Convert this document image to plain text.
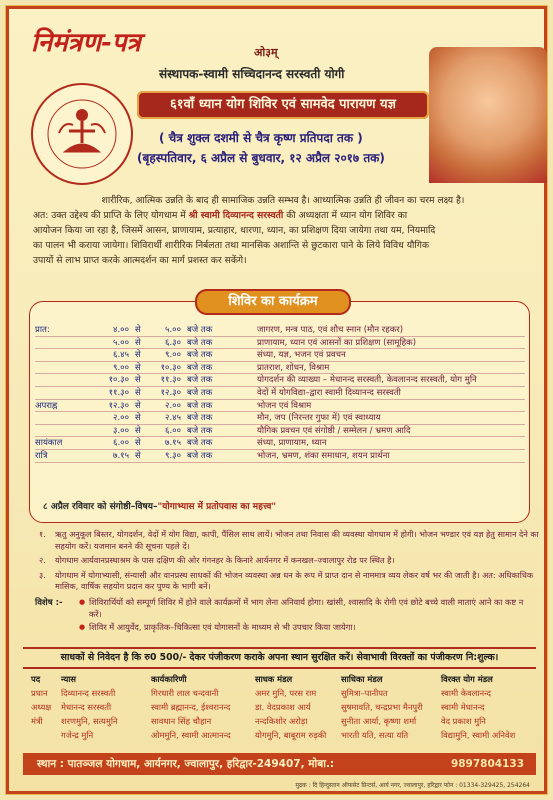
निमंत्रण-पत्र	ओ३म्
संस्थापक-स्वामी सच्चिदानन्द सरस्वती योगी
६१वाँ ध्यान योग शिविर एवं सामवेद पारायण यज्ञ
( चैत्र शुक्ल दशमी से चैत्र कृष्ण प्रतिपदा तक )
(बृहस्पतिवार, ६ अप्रैल से बुधवार, १२ अप्रैल २०१७ तक)
शारीरिक, आत्मिक उन्नति के बाद ही सामाजिक उन्नति सम्भव है। आध्यात्मिक उन्नति ही जीवन का चरम लक्ष्य है।
अत: उक्त उद्देश्य की प्राप्ति के लिए योगधाम में श्री स्वामी दिव्यानन्द सरस्वती की अध्यक्षता में ध्यान योग शिविर का
आयोजन किया जा रहा है, जिसमें आसन, प्राणायाम, प्रत्याहार, धारणा, ध्यान, का प्रशिक्षण दिया जायेगा तथा यम, नियमादि
का पालन भी कराया जायेगा। शिविरार्थी शारीरिक निर्बलता तथा मानसिक अशान्ति से छुटकारा पाने के लिये विविध यौगिक
उपायों से लाभ प्राप्त करके आत्मदर्शन का मार्ग प्रशस्त कर सकेंगे।
शिविर का कार्यक्रम
प्रात:	४.०० से	५.०० बजे तक	जागरण, मन्त्र पाठ, एवं शौच स्नान (मौन रहकर)
५.०० से	६.३० बजे तक	प्राणायाम, ध्यान एवं आसनों का प्रशिक्षण (सामूहिक)
६.४५ से	९.०० बजे तक	संध्या, यज्ञ, भजन एवं प्रवचन
९.०० से	१०.३० बजे तक	प्रातराश, शोधन, विश्राम
१०.३० से	११.३० बजे तक	योगदर्शन की व्याख्या – मेधानन्द सरस्वती, केवलानन्द सरस्वती, योग मुनि
११.३० से	१२.३० बजे तक	वेदों में योगविद्या–द्वारा स्वामी दिव्यानन्द सरस्वती
अपराह्न	१२.३० से	२.०० बजे तक	भोजन एवं विश्राम
२.०० से	२.४५ बजे तक	मौन, जप (निरन्तर गुफा में) एवं स्वाध्याय
३.०० से	६.०० बजे तक	यौगिक प्रवचन एवं संगोष्ठी / सम्मेलन / भ्रमण आदि
सायंकाल	६.०० से	७.१५ बजे तक	संध्या, प्राणायाम, ध्यान
रात्रि	७.१५ से	९.३० बजे तक	भोजन, भ्रमण, शंका समाधान, शयन प्रार्थना
८ अप्रैल रविवार को संगोष्ठी–विषय–"योगाभ्यास में प्रतोपवास का महत्त्व"
१. ऋतु अनुकूल बिस्तर, योगदर्शन, वेदों में योग विद्या, कापी, पैंसिल साथ लायें। भोजन तथा निवास की व्यवस्था योगधाम में होगी। भोजन भण्डार एवं यज्ञ हेतु सामान देने का सहयोग करें। यजमान बनने की सूचना पहले दें।
२. योगधाम आर्यवानप्रस्थाश्रम के पास दक्षिण की ओर गंगनहर के किनारे आर्यनगर में कनखल–ज्वालापुर रोड पर स्थित है।
३. योगधाम में योगाभ्यासी, संन्यासी और वानप्रस्थ साधकों की भोजन व्यवस्था अन्न धन के रूप में प्राप्त दान से नाममात्र व्यय लेकर वर्ष भर की जाती है। अत: अधिकाधिक मासिक, वार्षिक सहयोग प्रदान कर पुण्य के भागी बनें।
विशेष :-
●	शिविरार्थियों को सम्पूर्ण शिविर में होने वाले कार्यक्रमों में भाग लेना अनिवार्य होगा। खांसी, श्वासादि के रोगी एवं छोटे बच्चे वाली माताएं आने का कष्ट न करें।
● शिविर में आयुर्वेद, प्राकृतिक–चिकित्सा एवं योगासनों के माध्यम से भी उपचार किया जायेगा।
साधकों से निवेदन है कि रु0 500/- देकर पंजीकरण कराके अपना स्थान सुरक्षित करें। सेवाभावी विरक्तों का पंजीकरण नि:शुल्क।
पद
प्रधान
अध्यक्ष
मंत्री
न्यास
दिव्यानन्द सरस्वती
मेधानन्द सरस्वती
शरणमुनि, सत्यमुनि
गजेन्द्र मुनि
कार्यकारिणी
गिरधारी लाल चन्दवानी
स्वामी ब्रह्मानन्द, ईश्वरानन्द
सावधान सिंह चौहान
ओममुनि, स्वामी आत्मानन्द
साधक मंडल
अमर मुनि, परस राम
डा. वेदप्रकाश आर्य
नन्दकिशोर अरोड़ा
योगमुनि, बाबूराम रुड़की
साधिका मंडल
सुमित्रा–पानीपत
सुषमावति, चन्द्रप्रभा मैनपुरी
सुनीता आर्या, कृष्णा शर्मा
भारती यति, सत्या यति
विरक्त योग मंडल
स्वामी केवलानन्द
स्वामी मेधानन्द
वेद प्रकाश मुनि
विद्यामुनि, स्वामी अनिवेश
स्थान : पातञ्जल योगधाम, आर्यनगर, ज्वालापुर, हरिद्वार-249407, मोबा.:	9897804133
मुद्रक : दि हिन्दुस्तान ऑफसेट प्रिन्टर्स, आर्य नगर, ज्वालापुर, हरिद्वार फोन : 01334-329425, 254264
